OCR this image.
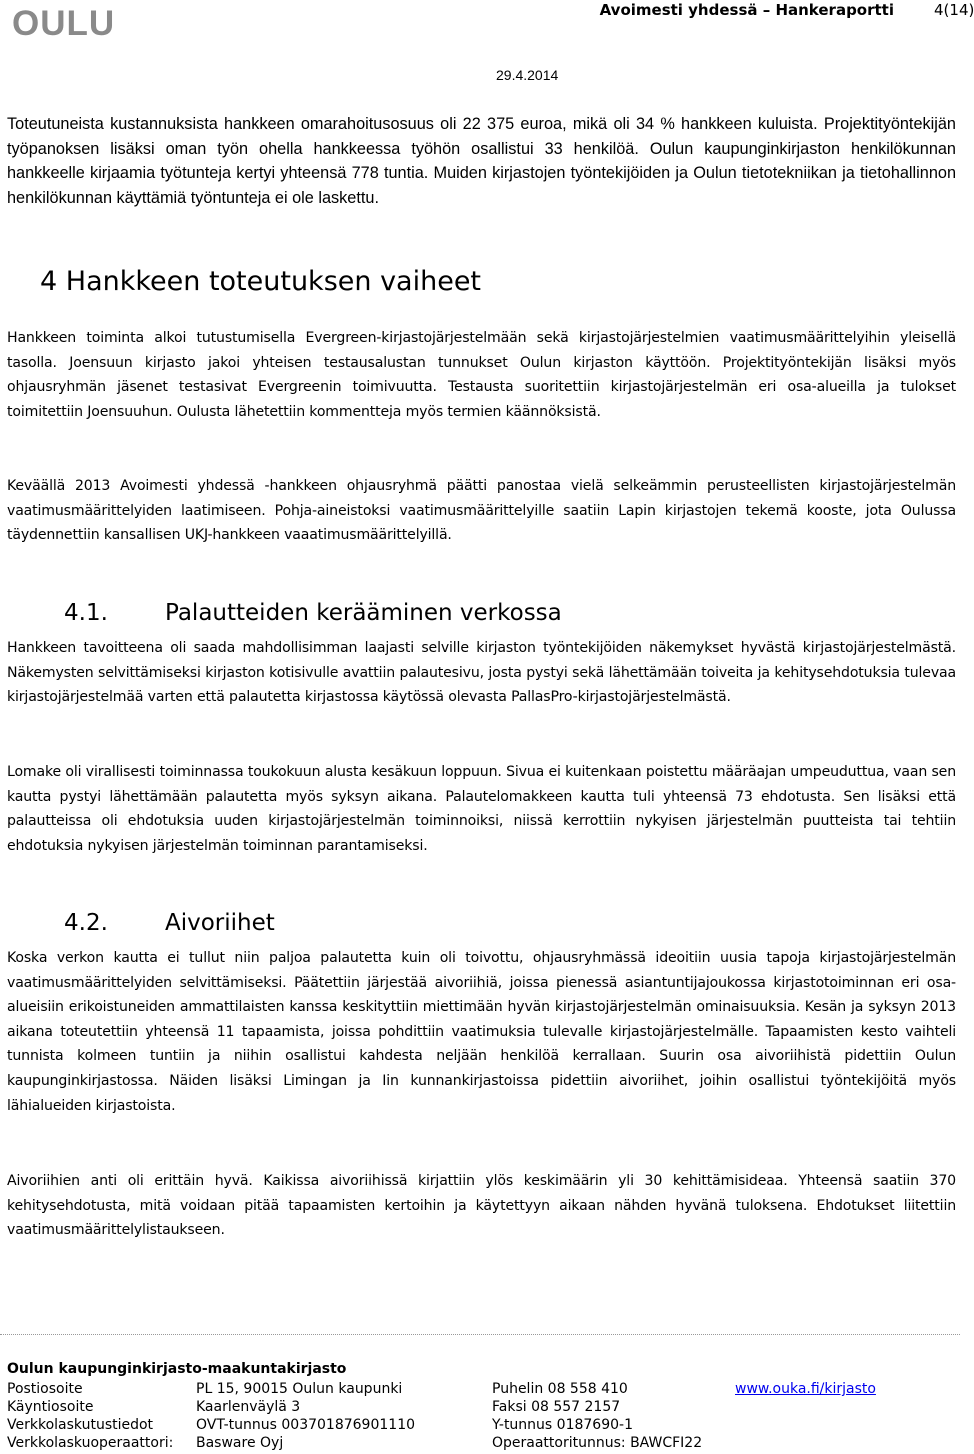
OULU	Avoimesti yhdessä – Hankeraportti	4(14)
29.4.2014

Toteutuneista kustannuksista hankkeen omarahoitusosuus oli 22 375 euroa, mikä oli 34 % hankkeen kuluista. Projektityöntekijän työpanoksen lisäksi oman työn ohella hankkeessa työhön osallistui 33 henkilöä. Oulun kaupunginkirjaston henkilökunnan hankkeelle kirjaamia työtunteja kertyi yhteensä 778 tuntia. Muiden kirjastojen työntekijöiden ja Oulun tietotekniikan ja tietohallinnon henkilökunnan käyttämiä työntunteja ei ole laskettu.

4 Hankkeen toteutuksen vaiheet

Hankkeen toiminta alkoi tutustumisella Evergreen-kirjastojärjestelmään sekä kirjastojärjestelmien vaatimusmäärittelyihin yleisellä tasolla. Joensuun kirjasto jakoi yhteisen testausalustan tunnukset Oulun kirjaston käyttöön. Projektityöntekijän lisäksi myös ohjausryhmän jäsenet testasivat Evergreenin toimivuutta. Testausta suoritettiin kirjastojärjestelmän eri osa-alueilla ja tulokset toimitettiin Joensuuhun. Oulusta lähetettiin kommentteja myös termien käännöksistä.

Keväällä 2013 Avoimesti yhdessä -hankkeen ohjausryhmä päätti panostaa vielä selkeämmin perusteellisten kirjastojärjestelmän vaatimusmäärittelyiden laatimiseen. Pohja-aineistoksi vaatimusmäärittelyille saatiin Lapin kirjastojen tekemä kooste, jota Oulussa täydennettiin kansallisen UKJ-hankkeen vaaatimusmäärittelyillä.

4.1. Palautteiden kerääminen verkossa

Hankkeen tavoitteena oli saada mahdollisimman laajasti selville kirjaston työntekijöiden näkemykset hyvästä kirjastojärjestelmästä. Näkemysten selvittämiseksi kirjaston kotisivulle avattiin palautesivu, josta pystyi sekä lähettämään toiveita ja kehitysehdotuksia tulevaa kirjastojärjestelmää varten että palautetta kirjastossa käytössä olevasta PallasPro-kirjastojärjestelmästä.

Lomake oli virallisesti toiminnassa toukokuun alusta kesäkuun loppuun. Sivua ei kuitenkaan poistettu määräajan umpeuduttua, vaan sen kautta pystyi lähettämään palautetta myös syksyn aikana. Palautelomakkeen kautta tuli yhteensä 73 ehdotusta. Sen lisäksi että palautteissa oli ehdotuksia uuden kirjastojärjestelmän toiminnoiksi, niissä kerrottiin nykyisen järjestelmän puutteista tai tehtiin ehdotuksia nykyisen järjestelmän toiminnan parantamiseksi.

4.2. Aivoriihet

Koska verkon kautta ei tullut niin paljoa palautetta kuin oli toivottu, ohjausryhmässä ideoitiin uusia tapoja kirjastojärjestelmän vaatimusmäärittelyiden selvittämiseksi. Päätettiin järjestää aivoriihiä, joissa pienessä asiantuntijajoukossa kirjastotoiminnan eri osa-alueisiin erikoistuneiden ammattilaisten kanssa keskityttiin miettimään hyvän kirjastojärjestelmän ominaisuuksia. Kesän ja syksyn 2013 aikana toteutettiin yhteensä 11 tapaamista, joissa pohdittiin vaatimuksia tulevalle kirjastojärjestelmälle. Tapaamisten kesto vaihteli tunnista kolmeen tuntiin ja niihin osallistui kahdesta neljään henkilöä kerrallaan. Suurin osa aivoriihistä pidettiin Oulun kaupunginkirjastossa. Näiden lisäksi Limingan ja Iin kunnankirjastoissa pidettiin aivoriihet, joihin osallistui työntekijöitä myös lähialueiden kirjastoista.

Aivoriihien anti oli erittäin hyvä. Kaikissa aivoriihissä kirjattiin ylös keskimäärin yli 30 kehittämisideaa. Yhteensä saatiin 370 kehitysehdotusta, mitä voidaan pitää tapaamisten kertoihin ja käytettyyn aikaan nähden hyvänä tuloksena. Ehdotukset liitettiin vaatimusmäärittelylistaukseen.

Oulun kaupunginkirjasto-maakuntakirjasto
Postiosoite	PL 15, 90015 Oulun kaupunki	Puhelin 08 558 410	www.ouka.fi/kirjasto
Käyntiosoite	Kaarlenväylä 3	Faksi 08 557 2157	
Verkkolaskutustiedot	OVT-tunnus 003701876901110	Y-tunnus 0187690-1	
Verkkolaskuoperaattori:	Basware Oyj	Operaattoritunnus: BAWCFI22	
